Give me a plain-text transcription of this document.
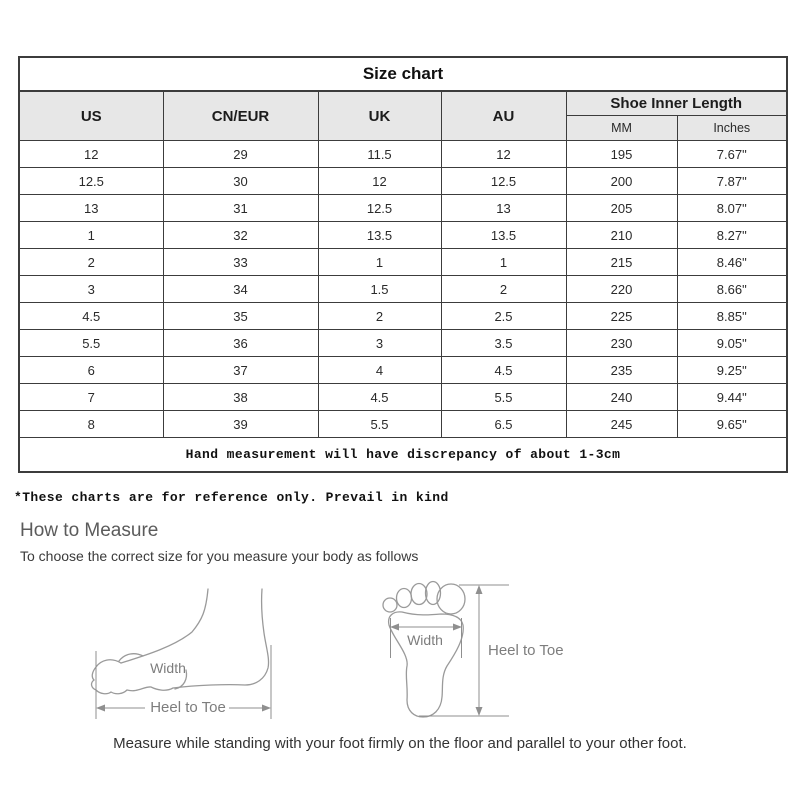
Size chart					
US	CN/EUR	UK	AU	Shoe Inner Length	
				MM	Inches
12	29	11.5	12	195	7.67"
12.5	30	12	12.5	200	7.87"
13	31	12.5	13	205	8.07"
1	32	13.5	13.5	210	8.27"
2	33	1	1	215	8.46"
3	34	1.5	2	220	8.66"
4.5	35	2	2.5	225	8.85"
5.5	36	3	3.5	230	9.05"
6	37	4	4.5	235	9.25"
7	38	4.5	5.5	240	9.44"
8	39	5.5	6.5	245	9.65"
Hand measurement will have discrepancy of about 1-3cm					
*These charts are for reference only. Prevail in kind
How to Measure
To choose the correct size for you measure your body as follows
Width
Heel to Toe
Width
Heel to Toe
Measure while standing with your foot firmly on the floor and parallel to your other foot.
